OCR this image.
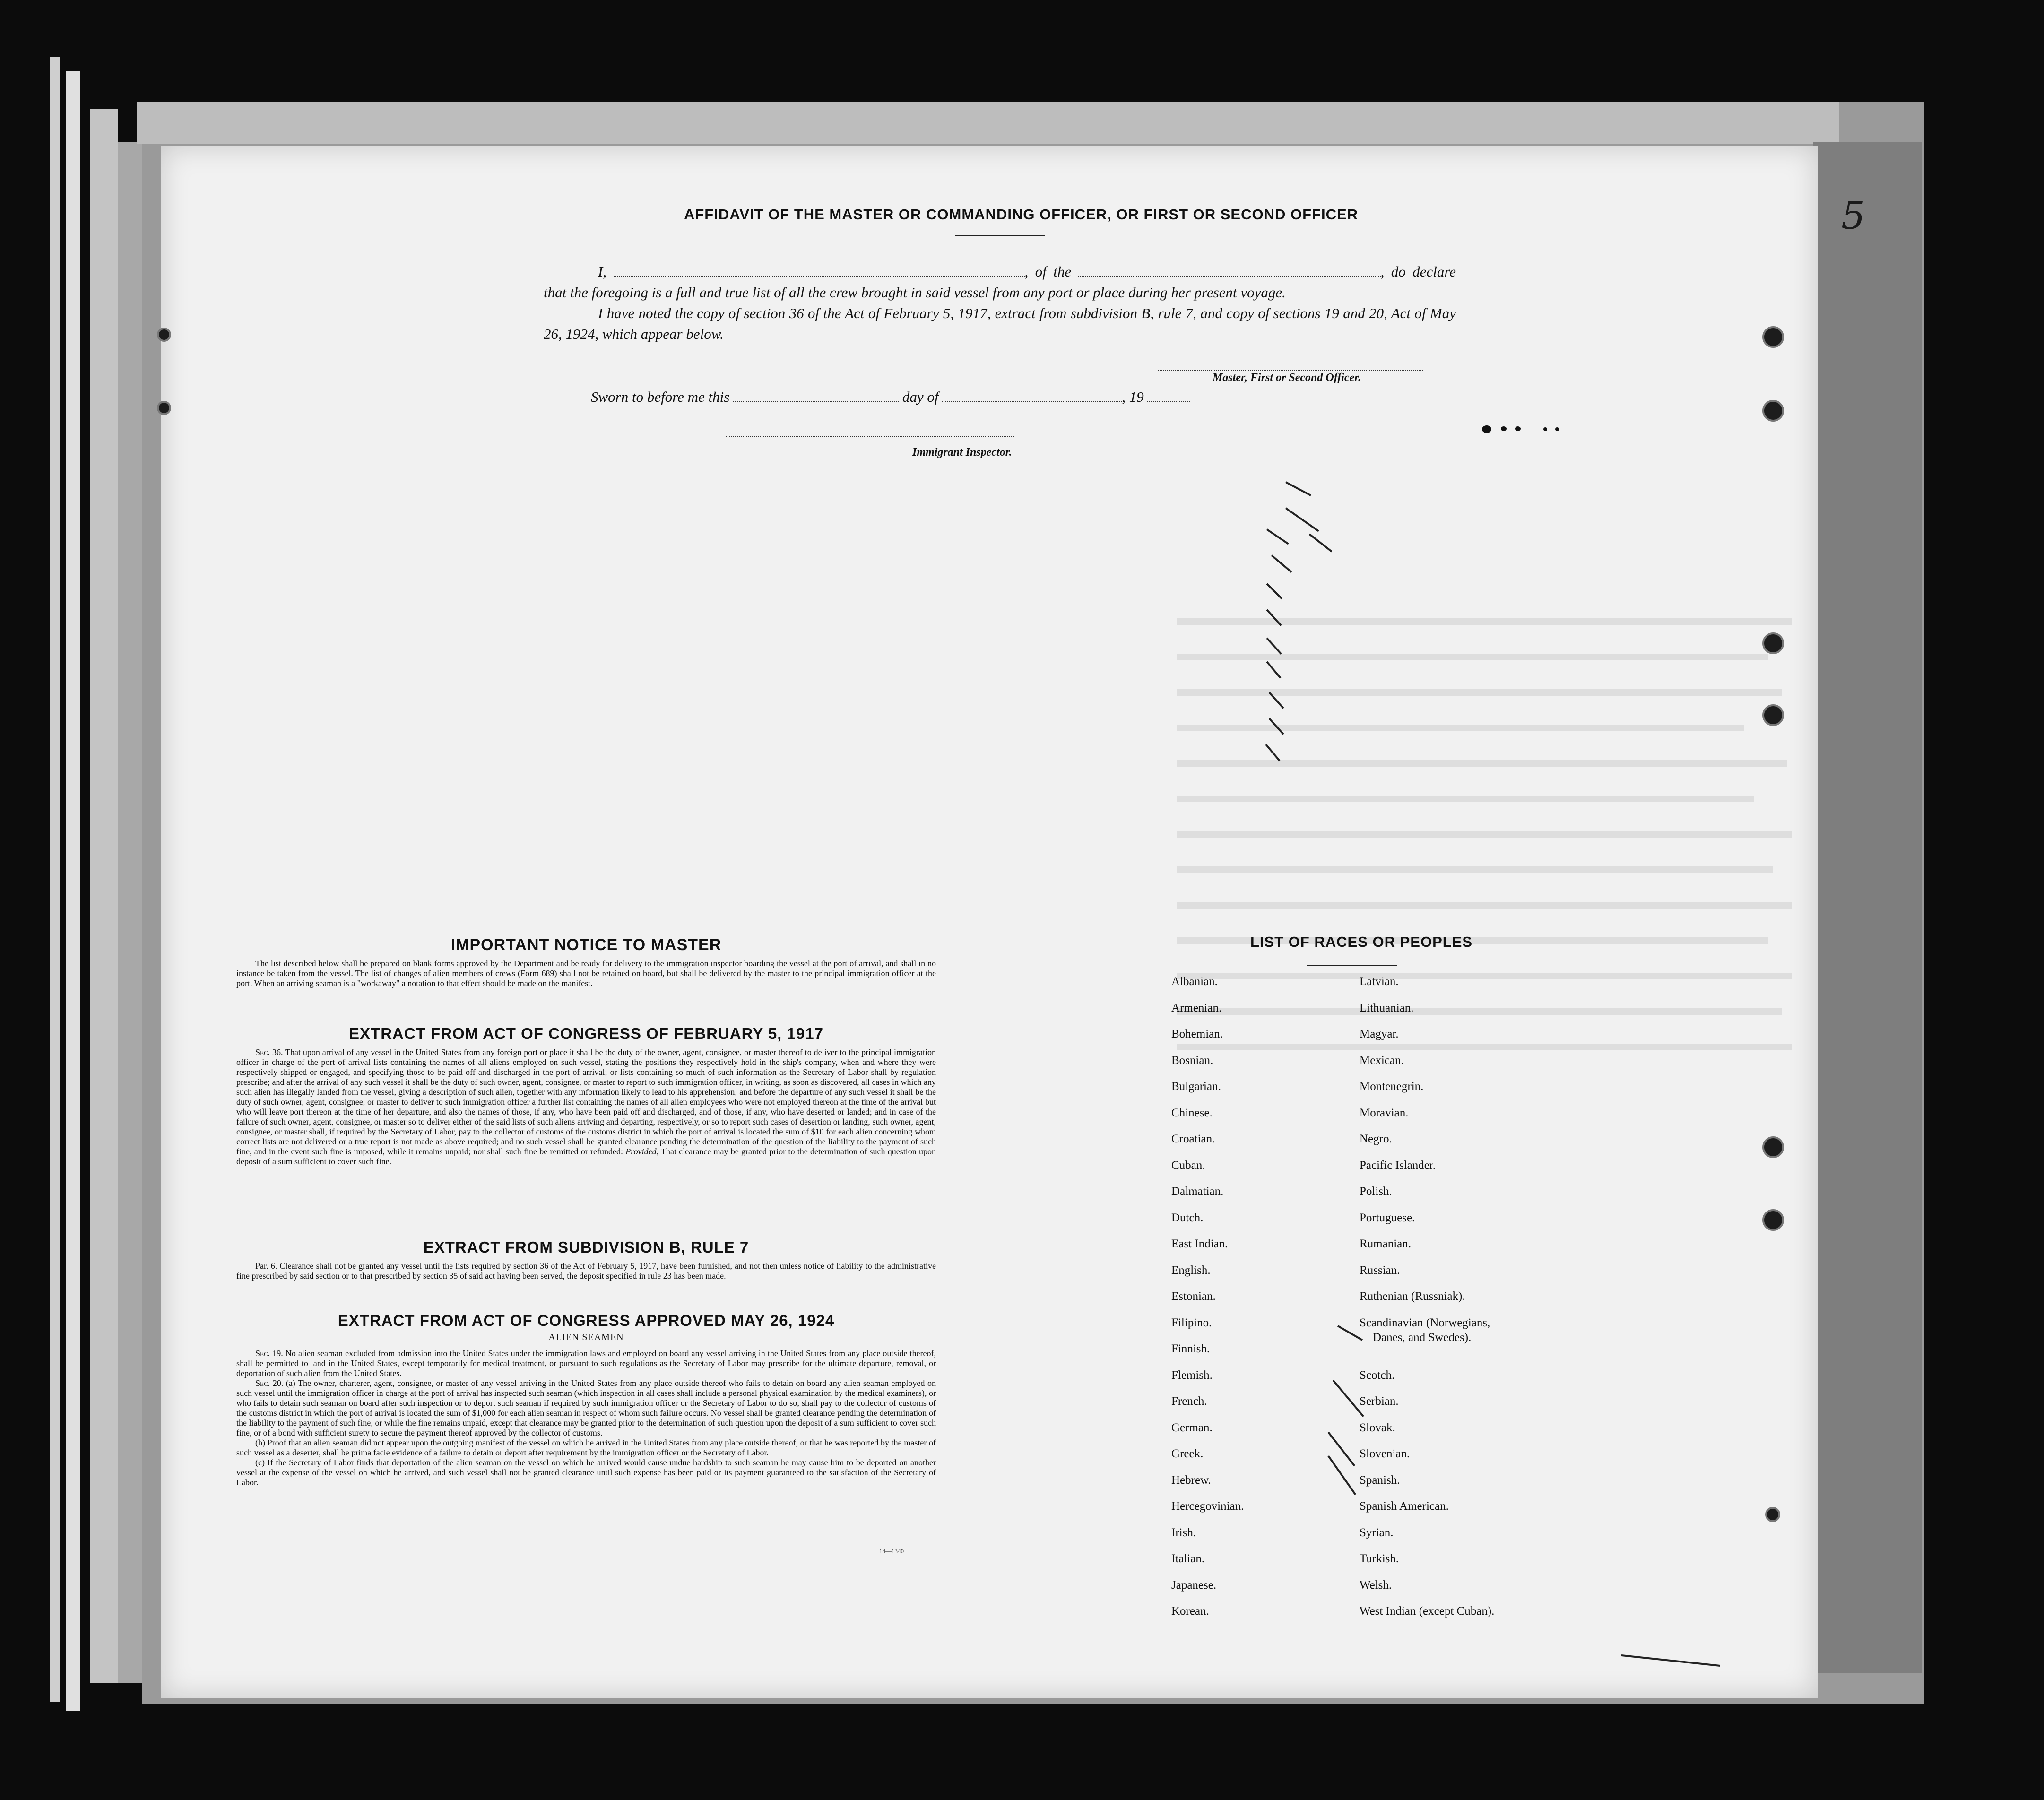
5
AFFIDAVIT OF THE MASTER OR COMMANDING OFFICER, OR FIRST OR SECOND OFFICER

I,	, of the	, do declare that the foregoing is a full and true list of all the crew brought in said vessel from any port or place during her present voyage.

I have noted the copy of section 36 of the Act of February 5, 1917, extract from subdivision B, rule 7, and copy of sections 19 and 20, Act of May 26, 1924, which appear below.

Master, First or Second Officer.
Sworn to before me this	day of	, 19
Immigrant Inspector.
IMPORTANT NOTICE TO MASTER

The list described below shall be prepared on blank forms approved by the Department and be ready for delivery to the immigration inspector boarding the vessel at the port of arrival, and shall in no instance be taken from the vessel. The list of changes of alien members of crews (Form 689) shall not be retained on board, but shall be delivered by the master to the principal immigration officer at the port. When an arriving seaman is a "workaway" a notation to that effect should be made on the manifest.

EXTRACT FROM ACT OF CONGRESS OF FEBRUARY 5, 1917

Sec. 36. That upon arrival of any vessel in the United States from any foreign port or place it shall be the duty of the owner, agent, consignee, or master thereof to deliver to the principal immigration officer in charge of the port of arrival lists containing the names of all aliens employed on such vessel, stating the positions they respectively hold in the ship's company, when and where they were respectively shipped or engaged, and specifying those to be paid off and discharged in the port of arrival; or lists containing so much of such information as the Secretary of Labor shall by regulation prescribe; and after the arrival of any such vessel it shall be the duty of such owner, agent, consignee, or master to report to such immigration officer, in writing, as soon as discovered, all cases in which any such alien has illegally landed from the vessel, giving a description of such alien, together with any information likely to lead to his apprehension; and before the departure of any such vessel it shall be the duty of such owner, agent, consignee, or master to deliver to such immigration officer a further list containing the names of all alien employees who were not employed thereon at the time of the arrival but who will leave port thereon at the time of her departure, and also the names of those, if any, who have been paid off and discharged, and of those, if any, who have deserted or landed; and in case of the failure of such owner, agent, consignee, or master so to deliver either of the said lists of such aliens arriving and departing, respectively, or so to report such cases of desertion or landing, such owner, agent, consignee, or master shall, if required by the Secretary of Labor, pay to the collector of customs of the customs district in which the port of arrival is located the sum of $10 for each alien concerning whom correct lists are not delivered or a true report is not made as above required; and no such vessel shall be granted clearance pending the determination of the question of the liability to the payment of such fine, and in the event such fine is imposed, while it remains unpaid; nor shall such fine be remitted or refunded: Provided, That clearance may be granted prior to the determination of such question upon deposit of a sum sufficient to cover such fine.

EXTRACT FROM SUBDIVISION B, RULE 7

Par. 6. Clearance shall not be granted any vessel until the lists required by section 36 of the Act of February 5, 1917, have been furnished, and not then unless notice of liability to the administrative fine prescribed by said section or to that prescribed by section 35 of said act having been served, the deposit specified in rule 23 has been made.

EXTRACT FROM ACT OF CONGRESS APPROVED MAY 26, 1924
ALIEN SEAMEN

Sec. 19. No alien seaman excluded from admission into the United States under the immigration laws and employed on board any vessel arriving in the United States from any place outside thereof, shall be permitted to land in the United States, except temporarily for medical treatment, or pursuant to such regulations as the Secretary of Labor may prescribe for the ultimate departure, removal, or deportation of such alien from the United States.

Sec. 20. (a) The owner, charterer, agent, consignee, or master of any vessel arriving in the United States from any place outside thereof who fails to detain on board any alien seaman employed on such vessel until the immigration officer in charge at the port of arrival has inspected such seaman (which inspection in all cases shall include a personal physical examination by the medical examiners), or who fails to detain such seaman on board after such inspection or to deport such seaman if required by such immigration officer or the Secretary of Labor to do so, shall pay to the collector of customs of the customs district in which the port of arrival is located the sum of $1,000 for each alien seaman in respect of whom such failure occurs. No vessel shall be granted clearance pending the determination of the liability to the payment of such fine, or while the fine remains unpaid, except that clearance may be granted prior to the determination of such question upon the deposit of a sum sufficient to cover such fine, or of a bond with sufficient surety to secure the payment thereof approved by the collector of customs.

(b) Proof that an alien seaman did not appear upon the outgoing manifest of the vessel on which he arrived in the United States from any place outside thereof, or that he was reported by the master of such vessel as a deserter, shall be prima facie evidence of a failure to detain or deport after requirement by the immigration officer or the Secretary of Labor.

(c) If the Secretary of Labor finds that deportation of the alien seaman on the vessel on which he arrived would cause undue hardship to such seaman he may cause him to be deported on another vessel at the expense of the vessel on which he arrived, and such vessel shall not be granted clearance until such expense has been paid or its payment guaranteed to the satisfaction of the Secretary of Labor.

14—1340
LIST OF RACES OR PEOPLES
Albanian.
Armenian.
Bohemian.
Bosnian.
Bulgarian.
Chinese.
Croatian.
Cuban.
Dalmatian.
Dutch.
East Indian.
English.
Estonian.
Filipino.
Finnish.
Flemish.
French.
German.
Greek.
Hebrew.
Hercegovinian.
Irish.
Italian.
Japanese.
Korean.
Latvian.
Lithuanian.
Magyar.
Mexican.
Montenegrin.
Moravian.
Negro.
Pacific Islander.
Polish.
Portuguese.
Rumanian.
Russian.
Ruthenian (Russniak).
Scandinavian (Norwegians,
Danes, and Swedes).
Scotch.
Serbian.
Slovak.
Slovenian.
Spanish.
Spanish American.
Syrian.
Turkish.
Welsh.
West Indian (except Cuban).
